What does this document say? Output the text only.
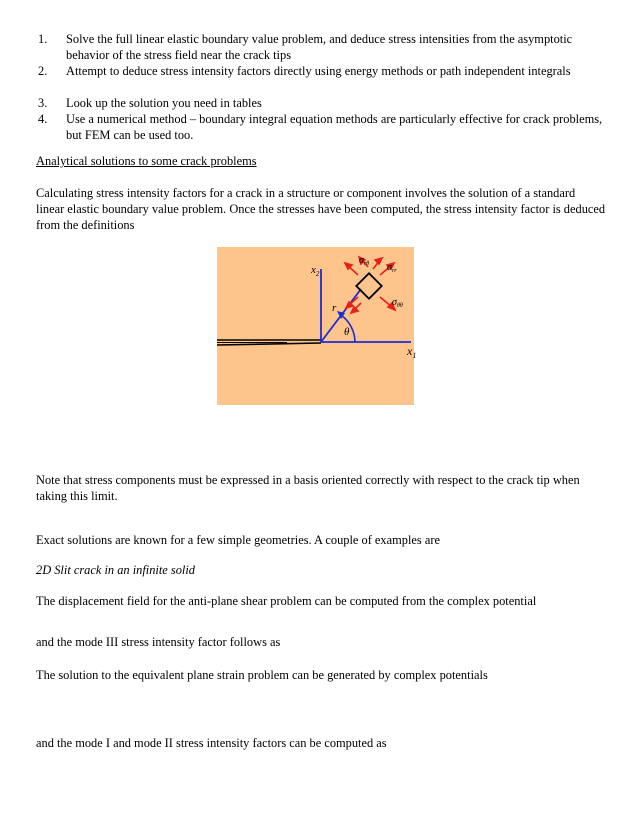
1. Solve the full linear elastic boundary value problem, and deduce stress intensities from the asymptotic behavior of the stress field near the crack tips
2. Attempt to deduce stress intensity factors directly using energy methods or path independent integrals
3. Look up the solution you need in tables
4. Use a numerical method – boundary integral equation methods are particularly effective for crack problems, but FEM can be used too.
Analytical solutions to some crack problems
Calculating stress intensity factors for a crack in a structure or component involves the solution of a standard linear elastic boundary value problem. Once the stresses have been computed, the stress intensity factor is deduced from the definitions
$x_2$
$x_1$
r
θ
$\sigma_{r\theta}$ $\sigma_{rr}$
$\sigma_{\theta\theta}$
Note that stress components must be expressed in a basis oriented correctly with respect to the crack tip when taking this limit.
Exact solutions are known for a few simple geometries. A couple of examples are
2D Slit crack in an infinite solid
The displacement field for the anti-plane shear problem can be computed from the complex potential
and the mode III stress intensity factor follows as
The solution to the equivalent plane strain problem can be generated by complex potentials
and the mode I and mode II stress intensity factors can be computed as
